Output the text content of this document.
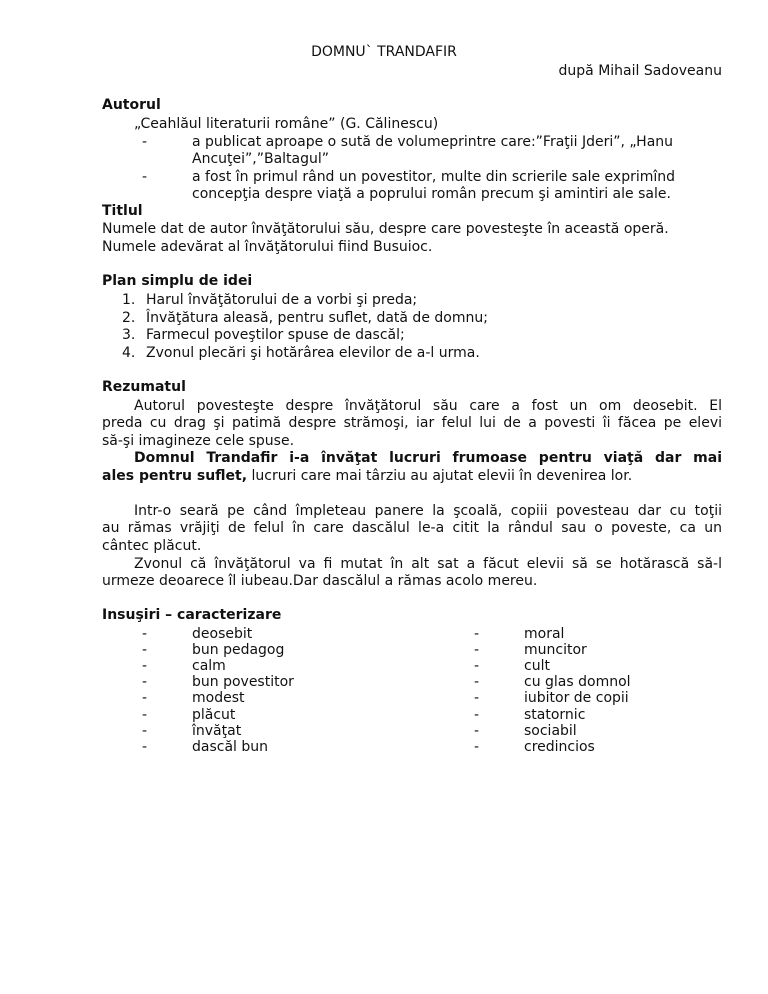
DOMNU` TRANDAFIR
după Mihail Sadoveanu
Autorul
„Ceahlăul literaturii române” (G. Călinescu)
-	a publicat aproape o sută de volumeprintre care:”Fraţii Jderi”, „Hanu
Ancuţei”,”Baltagul”
-	a fost în primul rând un povestitor, multe din scrierile sale exprimînd
concepţia despre viaţă a poprului român precum şi amintiri ale sale.
Titlul
Numele dat de autor învăţătorului său, despre care povesteşte în această operă.
Numele adevărat al învăţătorului fiind Busuioc.
Plan simplu de idei
1. Harul învăţătorului de a vorbi şi preda;
2. Învăţătura aleasă, pentru suflet, dată de domnu;
3. Farmecul poveştilor spuse de dascăl;
4. Zvonul plecări şi hotărârea elevilor de a-l urma.
Rezumatul
Autorul povesteşte despre învăţătorul său care a fost un om deosebit. El
preda cu drag şi patimă despre strămoşi, iar felul lui de a povesti îi făcea pe elevi
să-şi imagineze cele spuse.
Domnul Trandafir i-a învăţat lucruri frumoase pentru viaţă dar mai
ales pentru suflet, lucruri care mai târziu au ajutat elevii în devenirea lor.
Intr-o seară pe când împleteau panere la şcoală, copiii povesteau dar cu toţii
au rămas vrăjiţi de felul în care dascălul le-a citit la rândul sau o poveste, ca un
cântec plăcut.
Zvonul că învăţătorul va fi mutat în alt sat a făcut elevii să se hotărască să-l
urmeze deoarece îl iubeau.Dar dascălul a rămas acolo mereu.
Insuşiri – caracterizare
-	deosebit
-	bun pedagog
-	calm
-	bun povestitor
-	modest
-	plăcut
-	învăţat
-	dascăl bun
-	moral
-	muncitor
-	cult
-	cu glas domnol
-	iubitor de copii
-	statornic
-	sociabil
-	credincios
